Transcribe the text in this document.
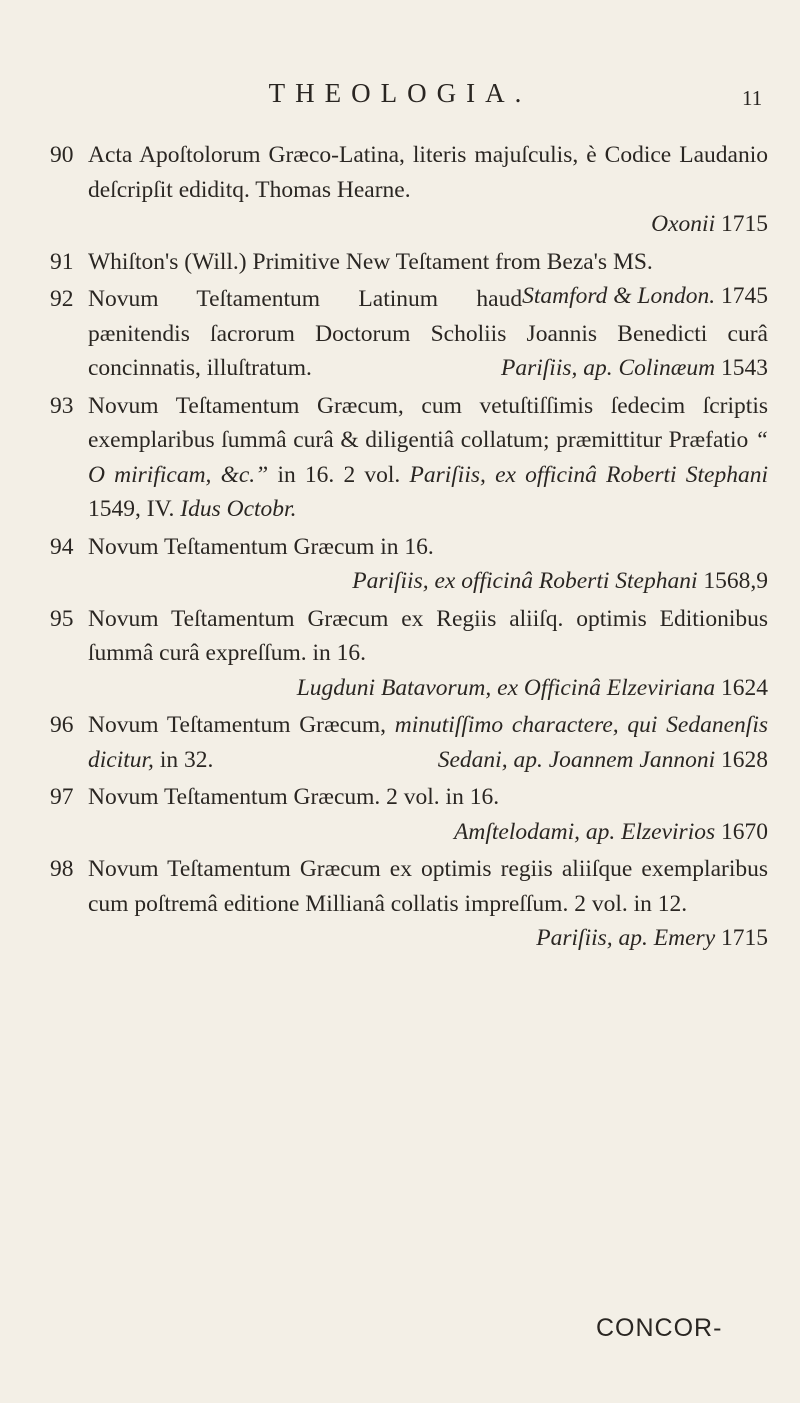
THEOLOGIA.	11
90 Acta Apoſtolorum Græco-Latina, literis majuſculis, è Codice Laudanio deſcripſit ediditq. Thomas Hearne.
Oxonii 1715
91 Whiſton's (Will.) Primitive New Teſtament from Beza's MS.
Stamford & London. 1745
92 Novum Teſtamentum Latinum haud pænitendis ſacrorum Doctorum Scholiis Joannis Benedicti curâ concinnatis, illuſtratum.	Pariſiis, ap. Colinæum 1543
93 Novum Teſtamentum Græcum, cum vetuſtiſſimis ſedecim ſcriptis exemplaribus ſummâ curâ & diligentiâ collatum; præmittitur Præfatio “ O mirificam, &c.” in 16. 2 vol. Pariſiis, ex officinâ Roberti Stephani 1549, IV. Idus Octobr.
94 Novum Teſtamentum Græcum in 16.
Pariſiis, ex officinâ Roberti Stephani 1568,9
95 Novum Teſtamentum Græcum ex Regiis aliiſq. optimis Editionibus ſummâ curâ expreſſum. in 16.
Lugduni Batavorum, ex Officinâ Elzeviriana 1624
96 Novum Teſtamentum Græcum, minutiſſimo charactere, qui Sedanenſis dicitur, in 32.	Sedani, ap. Joannem Jannoni 1628
97 Novum Teſtamentum Græcum. 2 vol. in 16.
Amſtelodami, ap. Elzevirios 1670
98 Novum Teſtamentum Græcum ex optimis regiis aliiſque exemplaribus cum poſtremâ editione Millianâ collatis impreſſum. 2 vol. in 12.
Pariſiis, ap. Emery 1715
CONCOR-
